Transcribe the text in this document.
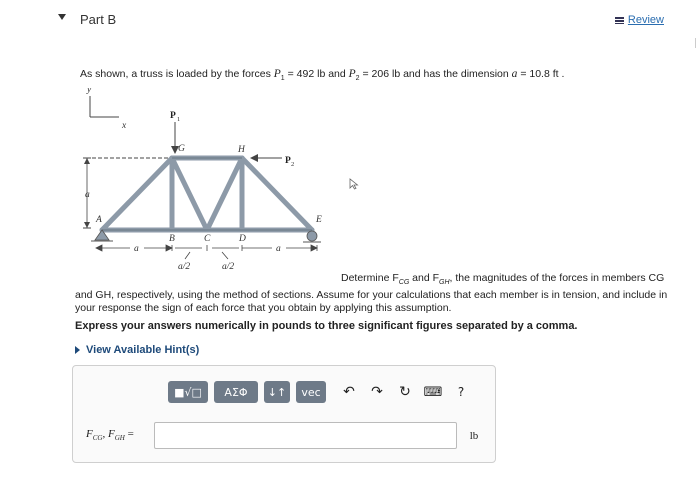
Part B	Review
As shown, a truss is loaded by the forces $P_1 = 492$ lb and $P_2 = 206$ lb and has the dimension a = 10.8 ft .
y
x
P 1
P 2
a
A
B	C	D
E
G	H
a	a
a/2	a/2
Determine $F_{CG}$ and $F_{GH}$, the magnitudes of the forces in members CG
and GH, respectively, using the method of sections. Assume for your calculations that each member is in tension, and include in
your response the sign of each force that you obtain by applying this assumption.
Express your answers numerically in pounds to three significant figures separated by a comma.
View Available Hint(s)
■√□	ΑΣΦ	↓↑	vec	↶	↷	↻ ⌨	?
$F_{CG}$, $F_{GH}$ =	lb
